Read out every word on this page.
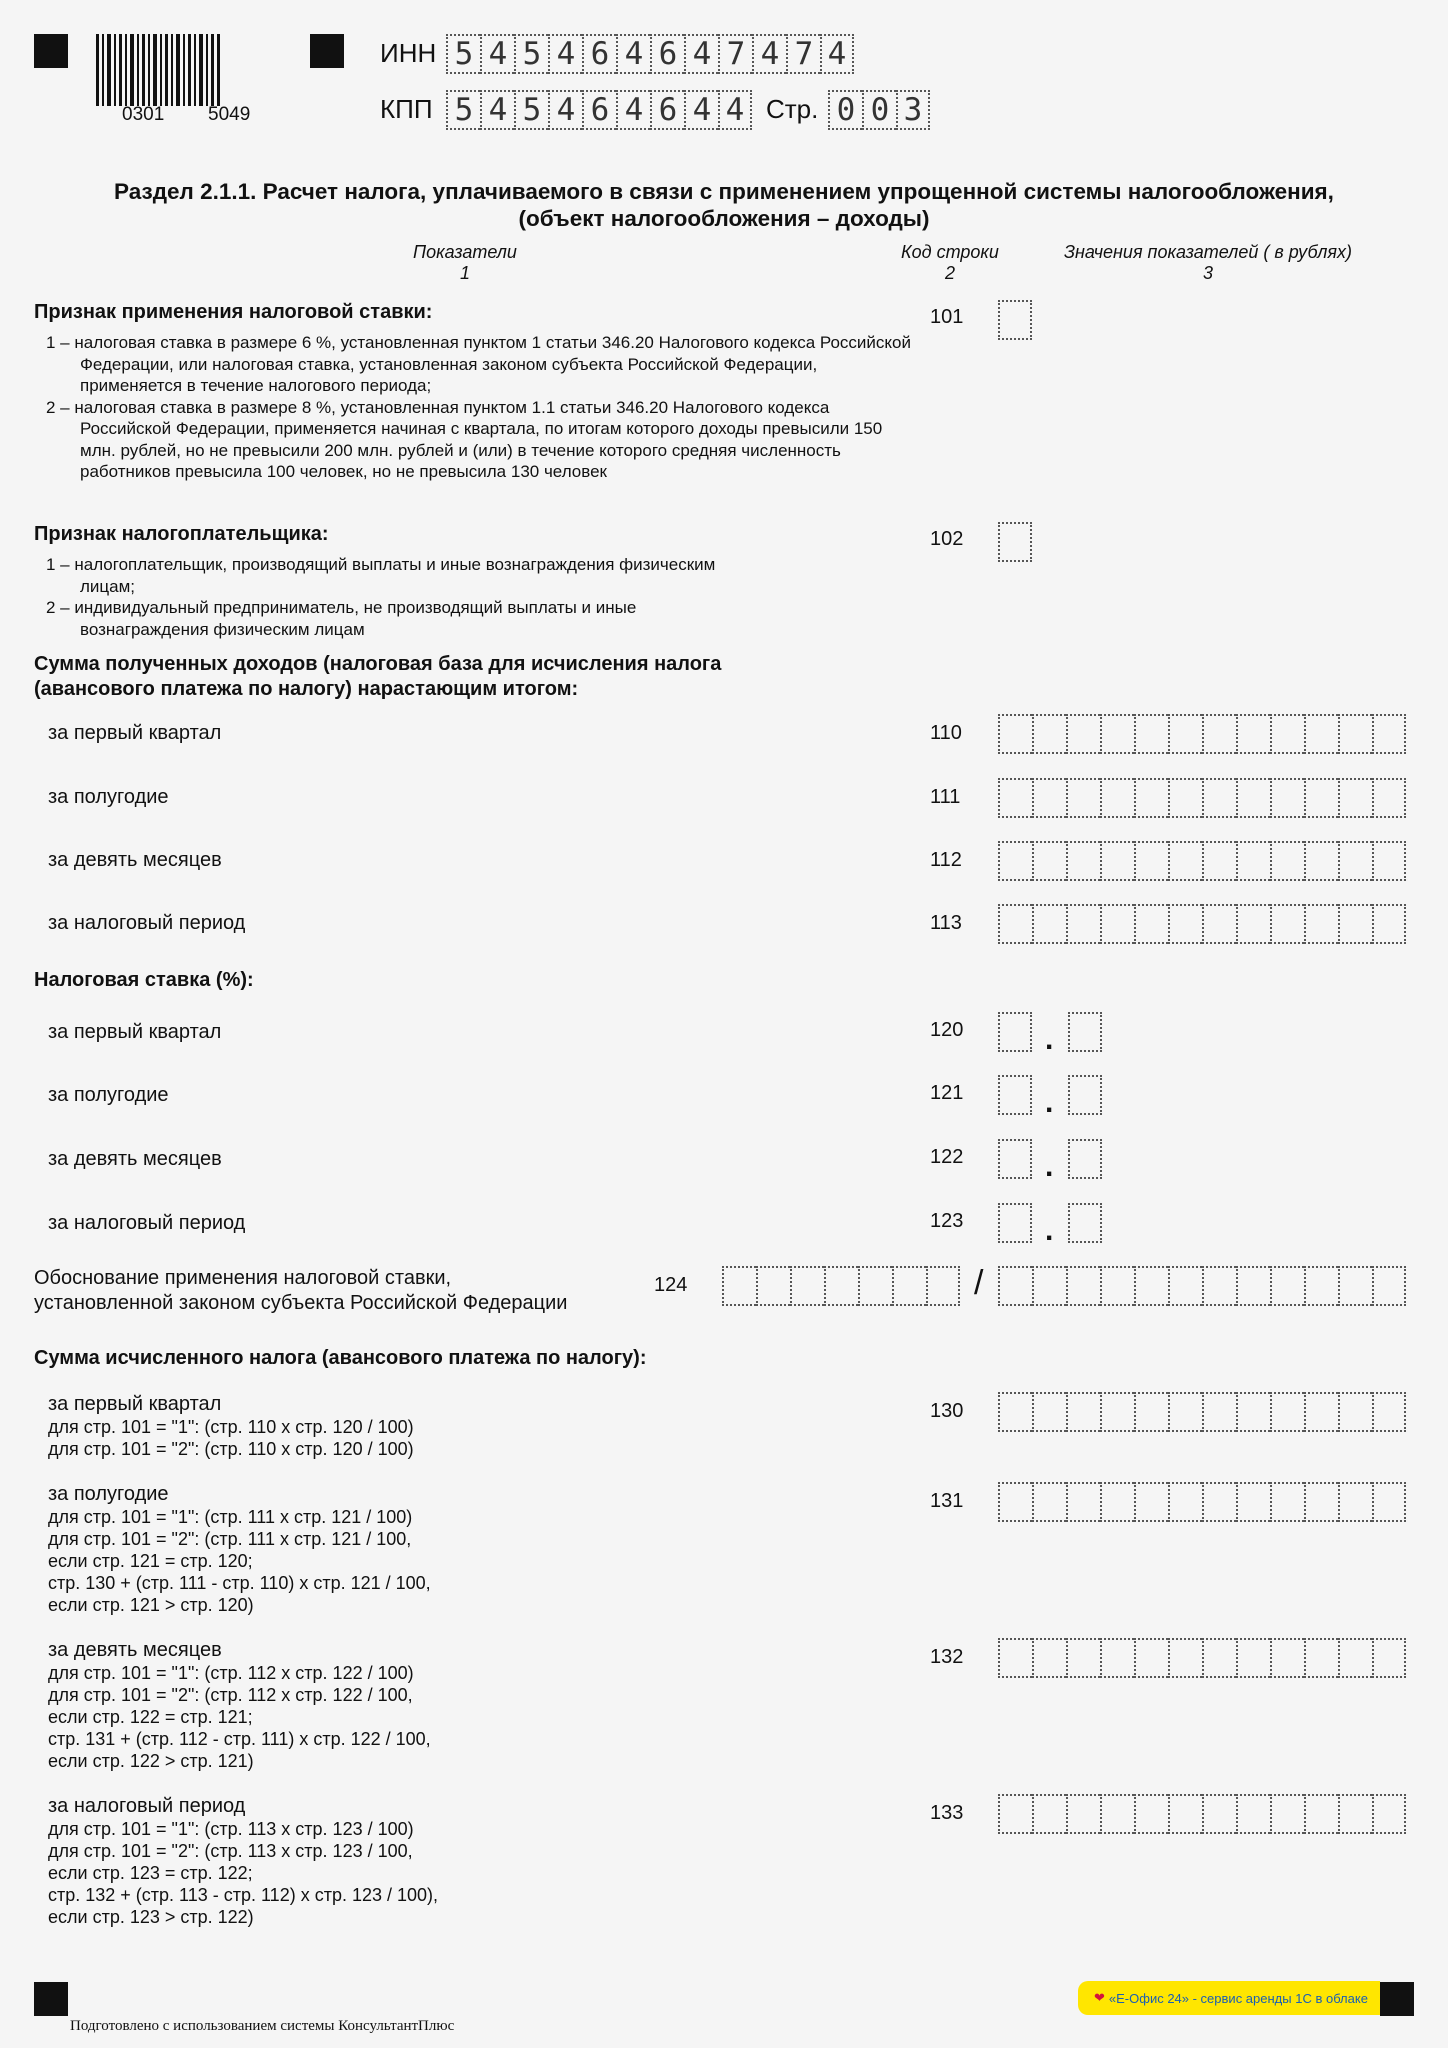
0301 5049
ИНН 5 4 5 4 6 4 6 4 7 4 7 4
КПП 5 4 5 4 6 4 6 4 4 Стр. 0 0 3
Раздел 2.1.1. Расчет налога, уплачиваемого в связи с применением упрощенной системы налогообложения,
(объект налогообложения – доходы)
Показатели
1
Код строки
2
Значения показателей ( в рублях)
3
Признак применения налоговой ставки:
1 – налоговая ставка в размере 6 %, установленная пунктом 1 статьи 346.20 Налогового кодекса Российской Федерации, или налоговая ставка, установленная законом субъекта Российской Федерации, применяется в течение налогового периода;
2 – налоговая ставка в размере 8 %, установленная пунктом 1.1 статьи 346.20 Налогового кодекса Российской Федерации, применяется начиная с квартала, по итогам которого доходы превысили 150 млн. рублей, но не превысили 200 млн. рублей и (или) в течение которого средняя численность работников превысила 100 человек, но не превысила 130 человек
101
Признак налогоплательщика:
1 – налогоплательщик, производящий выплаты и иные вознаграждения физическим лицам;
2 – индивидуальный предприниматель, не производящий выплаты и иные вознаграждения физическим лицам
102
Сумма полученных доходов (налоговая база для исчисления налога
(авансового платежа по налогу) нарастающим итогом:
за первый квартал	110
за полугодие	111
за девять месяцев	112
за налоговый период	113
Налоговая ставка (%):
за первый квартал	120	.
за полугодие	121	.
за девять месяцев	122	.
за налоговый период	123	.
Обоснование применения налоговой ставки,
установленной законом субъекта Российской Федерации
124	/
Сумма исчисленного налога (авансового платежа по налогу):
за первый квартал
для стр. 101 = "1": (стр. 110 х стр. 120 / 100)
для стр. 101 = "2": (стр. 110 х стр. 120 / 100)
130
за полугодие
для стр. 101 = "1": (стр. 111 х стр. 121 / 100)
для стр. 101 = "2": (стр. 111 х стр. 121 / 100,
если стр. 121 = стр. 120;
стр. 130 + (стр. 111 - стр. 110) х стр. 121 / 100,
если стр. 121 > стр. 120)
131
за девять месяцев
для стр. 101 = "1": (стр. 112 х стр. 122 / 100)
для стр. 101 = "2": (стр. 112 х стр. 122 / 100,
если стр. 122 = стр. 121;
стр. 131 + (стр. 112 - стр. 111) х стр. 122 / 100,
если стр. 122 > стр. 121)
132
за налоговый период
для стр. 101 = "1": (стр. 113 х стр. 123 / 100)
для стр. 101 = "2": (стр. 113 х стр. 123 / 100,
если стр. 123 = стр. 122;
стр. 132 + (стр. 113 - стр. 112) х стр. 123 / 100),
если стр. 123 > стр. 122)
133
Подготовлено с использованием системы КонсультантПлюс
❤ «Е-Офис 24» - сервис аренды 1С в облаке
